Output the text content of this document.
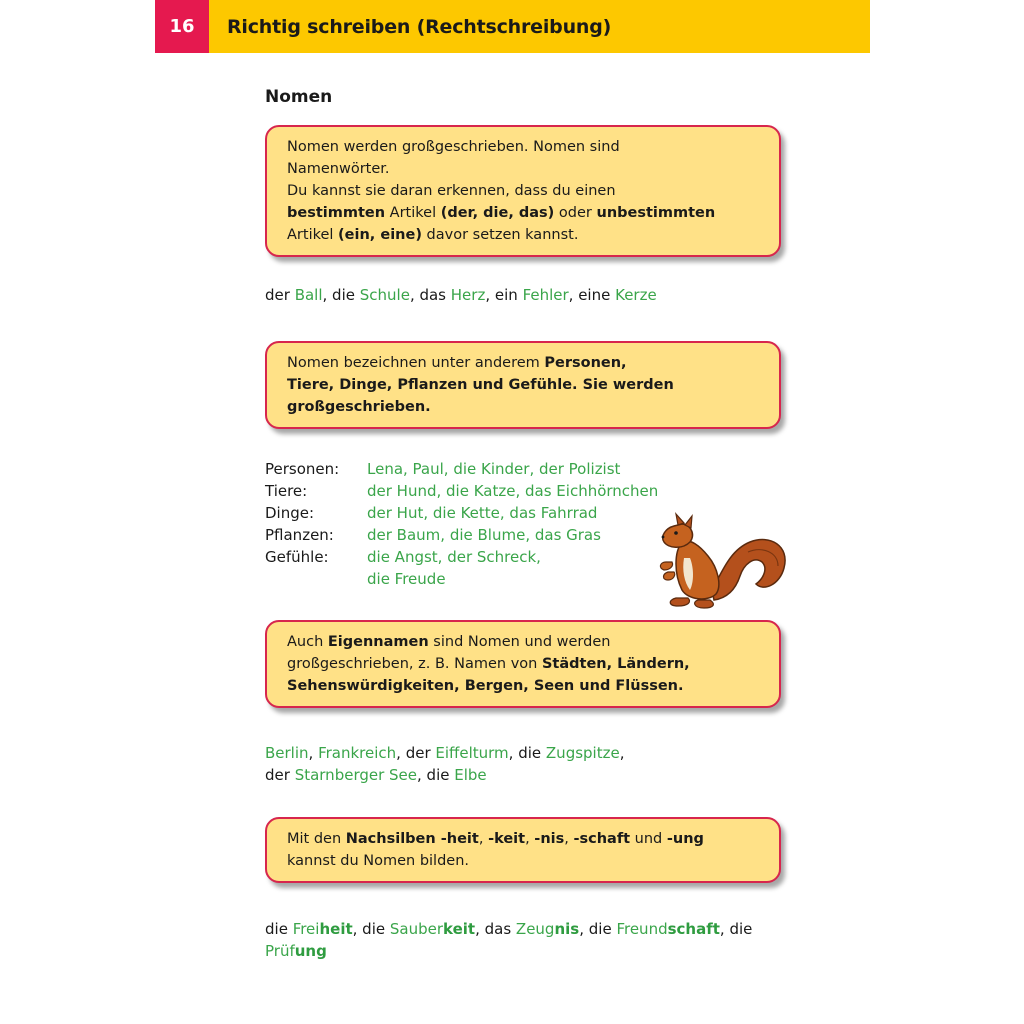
16	Richtig schreiben (Rechtschreibung)
Nomen
Nomen werden großgeschrieben. Nomen sind
Namenwörter.
Du kannst sie daran erkennen, dass du einen
bestimmten Artikel (der, die, das) oder unbestimmten
Artikel (ein, eine) davor setzen kannst.
der Ball, die Schule, das Herz, ein Fehler, eine Kerze
Nomen bezeichnen unter anderem Personen,
Tiere, Dinge, Pflanzen und Gefühle. Sie werden
großgeschrieben.
Personen:	Lena, Paul, die Kinder, der Polizist
Tiere:	der Hund, die Katze, das Eichhörnchen
Dinge:	der Hut, die Kette, das Fahrrad
Pflanzen:	der Baum, die Blume, das Gras
Gefühle:	die Angst, der Schreck,
die Freude
Auch Eigennamen sind Nomen und werden
großgeschrieben, z. B. Namen von Städten, Ländern,
Sehenswürdigkeiten, Bergen, Seen und Flüssen.
Berlin, Frankreich, der Eiffelturm, die Zugspitze,
der Starnberger See, die Elbe
Mit den Nachsilben -heit, -keit, -nis, -schaft und -ung
kannst du Nomen bilden.
die Freiheit, die Sauberkeit, das Zeugnis, die Freundschaft, die
Prüfung
